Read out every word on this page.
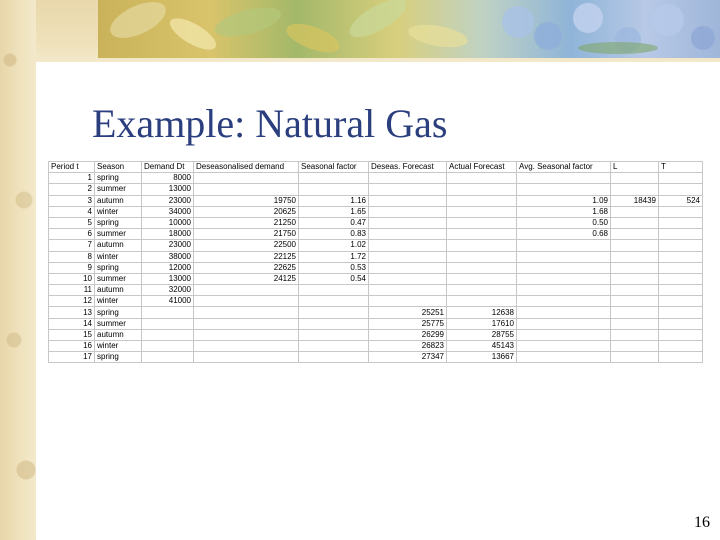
Example: Natural Gas
Period t	Season	Demand Dt	Deseasonalised demand	Seasonal factor	Deseas. Forecast	Actual Forecast	Avg. Seasonal factor	L	T
1	spring	8000							
2	summer	13000							
3	autumn	23000	19750	1.16			1.09	18439	524
4	winter	34000	20625	1.65			1.68		
5	spring	10000	21250	0.47			0.50		
6	summer	18000	21750	0.83			0.68		
7	autumn	23000	22500	1.02					
8	winter	38000	22125	1.72					
9	spring	12000	22625	0.53					
10	summer	13000	24125	0.54					
11	autumn	32000							
12	winter	41000							
13	spring				25251	12638			
14	summer				25775	17610			
15	autumn				26299	28755			
16	winter				26823	45143			
17	spring				27347	13667			
16
